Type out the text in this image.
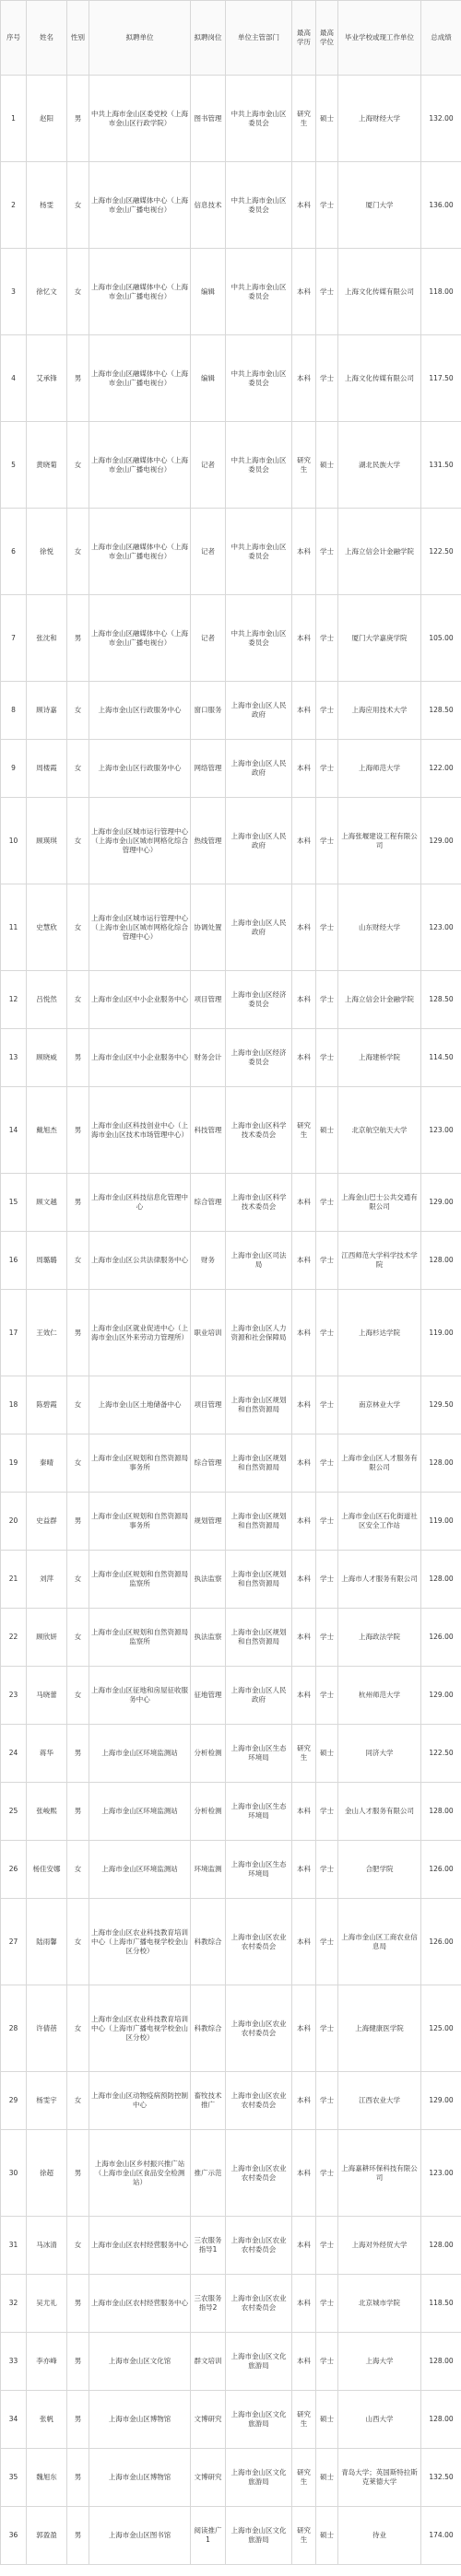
序号	姓名	性别	拟聘单位	拟聘岗位	单位主管部门	最高学历	最高学位	毕业学校或现工作单位	总成绩
1	赵阳	男	中共上海市金山区委党校（上海市金山区行政学院）	图书管理	中共上海市金山区委员会	研究生	硕士	上海财经大学	132.00
2	杨雯	女	上海市金山区融媒体中心（上海市金山广播电视台）	信息技术	中共上海市金山区委员会	本科	学士	厦门大学	136.00
3	徐忆文	女	上海市金山区融媒体中心（上海市金山广播电视台）	编辑	中共上海市金山区委员会	本科	学士	上海文化传媒有限公司	118.00
4	艾承锋	男	上海市金山区融媒体中心（上海市金山广播电视台）	编辑	中共上海市金山区委员会	本科	学士	上海文化传媒有限公司	117.50
5	黄晓菊	女	上海市金山区融媒体中心（上海市金山广播电视台）	记者	中共上海市金山区委员会	研究生	硕士	湖北民族大学	131.50
6	徐悦	女	上海市金山区融媒体中心（上海市金山广播电视台）	记者	中共上海市金山区委员会	本科	学士	上海立信会计金融学院	122.50
7	张沈和	男	上海市金山区融媒体中心（上海市金山广播电视台）	记者	中共上海市金山区委员会	本科	学士	厦门大学嘉庚学院	105.00
8	顾诗嘉	女	上海市金山区行政服务中心	窗口服务	上海市金山区人民政府	本科	学士	上海应用技术大学	128.50
9	周楼霞	女	上海市金山区行政服务中心	网络管理	上海市金山区人民政府	本科	学士	上海师范大学	122.00
10	顾瑛琪	女	上海市金山区城市运行管理中心（上海市金山区城市网格化综合管理中心）	热线管理	上海市金山区人民政府	本科	学士	上海张堰建设工程有限公司	129.00
11	史慧欣	女	上海市金山区城市运行管理中心（上海市金山区城市网格化综合管理中心）	协调处置	上海市金山区人民政府	本科	学士	山东财经大学	123.00
12	吕悦然	女	上海市金山区中小企业服务中心	项目管理	上海市金山区经济委员会	本科	学士	上海立信会计金融学院	128.50
13	顾晓威	男	上海市金山区中小企业服务中心	财务会计	上海市金山区经济委员会	本科	学士	上海建桥学院	114.50
14	戴旭杰	男	上海市金山区科技创业中心（上海市金山区技术市场管理中心）	科技管理	上海市金山区科学技术委员会	研究生	硕士	北京航空航天大学	123.00
15	顾文越	男	上海市金山区科技信息化管理中心	综合管理	上海市金山区科学技术委员会	本科	学士	上海金山巴士公共交通有限公司	129.00
16	周璐璐	女	上海市金山区公共法律服务中心	财务	上海市金山区司法局	本科	学士	江西师范大学科学技术学院	128.00
17	王效仁	男	上海市金山区就业促进中心（上海市金山区外来劳动力管理所）	职业培训	上海市金山区人力资源和社会保障局	本科	学士	上海杉达学院	119.00
18	陈碧霞	女	上海市金山区土地储备中心	项目管理	上海市金山区规划和自然资源局	本科	学士	南京林业大学	129.50
19	秦晴	女	上海市金山区规划和自然资源局事务所	综合管理	上海市金山区规划和自然资源局	本科	学士	上海市金山区人才服务有限公司	128.00
20	史益群	男	上海市金山区规划和自然资源局事务所	规划管理	上海市金山区规划和自然资源局	本科	学士	上海市金山区石化街道社区安全工作站	119.00
21	刘萍	女	上海市金山区规划和自然资源局监察所	执法监察	上海市金山区规划和自然资源局	本科	学士	上海市人才服务有限公司	128.00
22	顾欣妍	女	上海市金山区规划和自然资源局监察所	执法监察	上海市金山区规划和自然资源局	本科	学士	上海政法学院	126.00
23	马晓蕾	女	上海市金山区征地和房屋征收服务中心	征地管理	上海市金山区人民政府	本科	学士	杭州师范大学	129.00
24	蒋华	男	上海市金山区环境监测站	分析检测	上海市金山区生态环境局	研究生	硕士	同济大学	122.50
25	张峻熙	男	上海市金山区环境监测站	分析检测	上海市金山区生态环境局	本科	学士	金山人才服务有限公司	128.00
26	杨佳安娜	女	上海市金山区环境监测站	环境监测	上海市金山区生态环境局	本科	学士	合肥学院	126.00
27	陆雨馨	女	上海市金山区农业科技教育培训中心（上海市广播电视学校金山区分校）	科教综合	上海市金山区农业农村委员会	本科	学士	上海市金山区工商农业信息局	126.00
28	许倩蓓	女	上海市金山区农业科技教育培训中心（上海市广播电视学校金山区分校）	科教综合	上海市金山区农业农村委员会	本科	学士	上海健康医学院	125.00
29	杨雯宇	女	上海市金山区动物疫病预防控制中心	畜牧技术推广	上海市金山区农业农村委员会	本科	学士	江西农业大学	129.00
30	徐超	男	上海市金山区乡村振兴推广站（上海市金山区食品安全检测站）	推广示范	上海市金山区农业农村委员会	本科	学士	上海嘉耕环保科技有限公司	123.00
31	马冰清	女	上海市金山区农村经营服务中心	三农服务指导1	上海市金山区农业农村委员会	本科	学士	上海对外经贸大学	128.00
32	吴尤礼	男	上海市金山区农村经营服务中心	三农服务指导2	上海市金山区农业农村委员会	本科	学士	北京城市学院	118.50
33	李亦峰	男	上海市金山区文化馆	群文培训	上海市金山区文化旅游局	本科	学士	上海大学	128.00
34	张帆	男	上海市金山区博物馆	文博研究	上海市金山区文化旅游局	研究生	硕士	山西大学	128.00
35	魏旭东	男	上海市金山区博物馆	文博研究	上海市金山区文化旅游局	研究生	硕士	青岛大学；英国斯特拉斯克莱德大学	132.50
36	郭盈盈	男	上海市金山区图书馆	阅读推广1	上海市金山区文化旅游局	研究生	硕士	待业	174.00
